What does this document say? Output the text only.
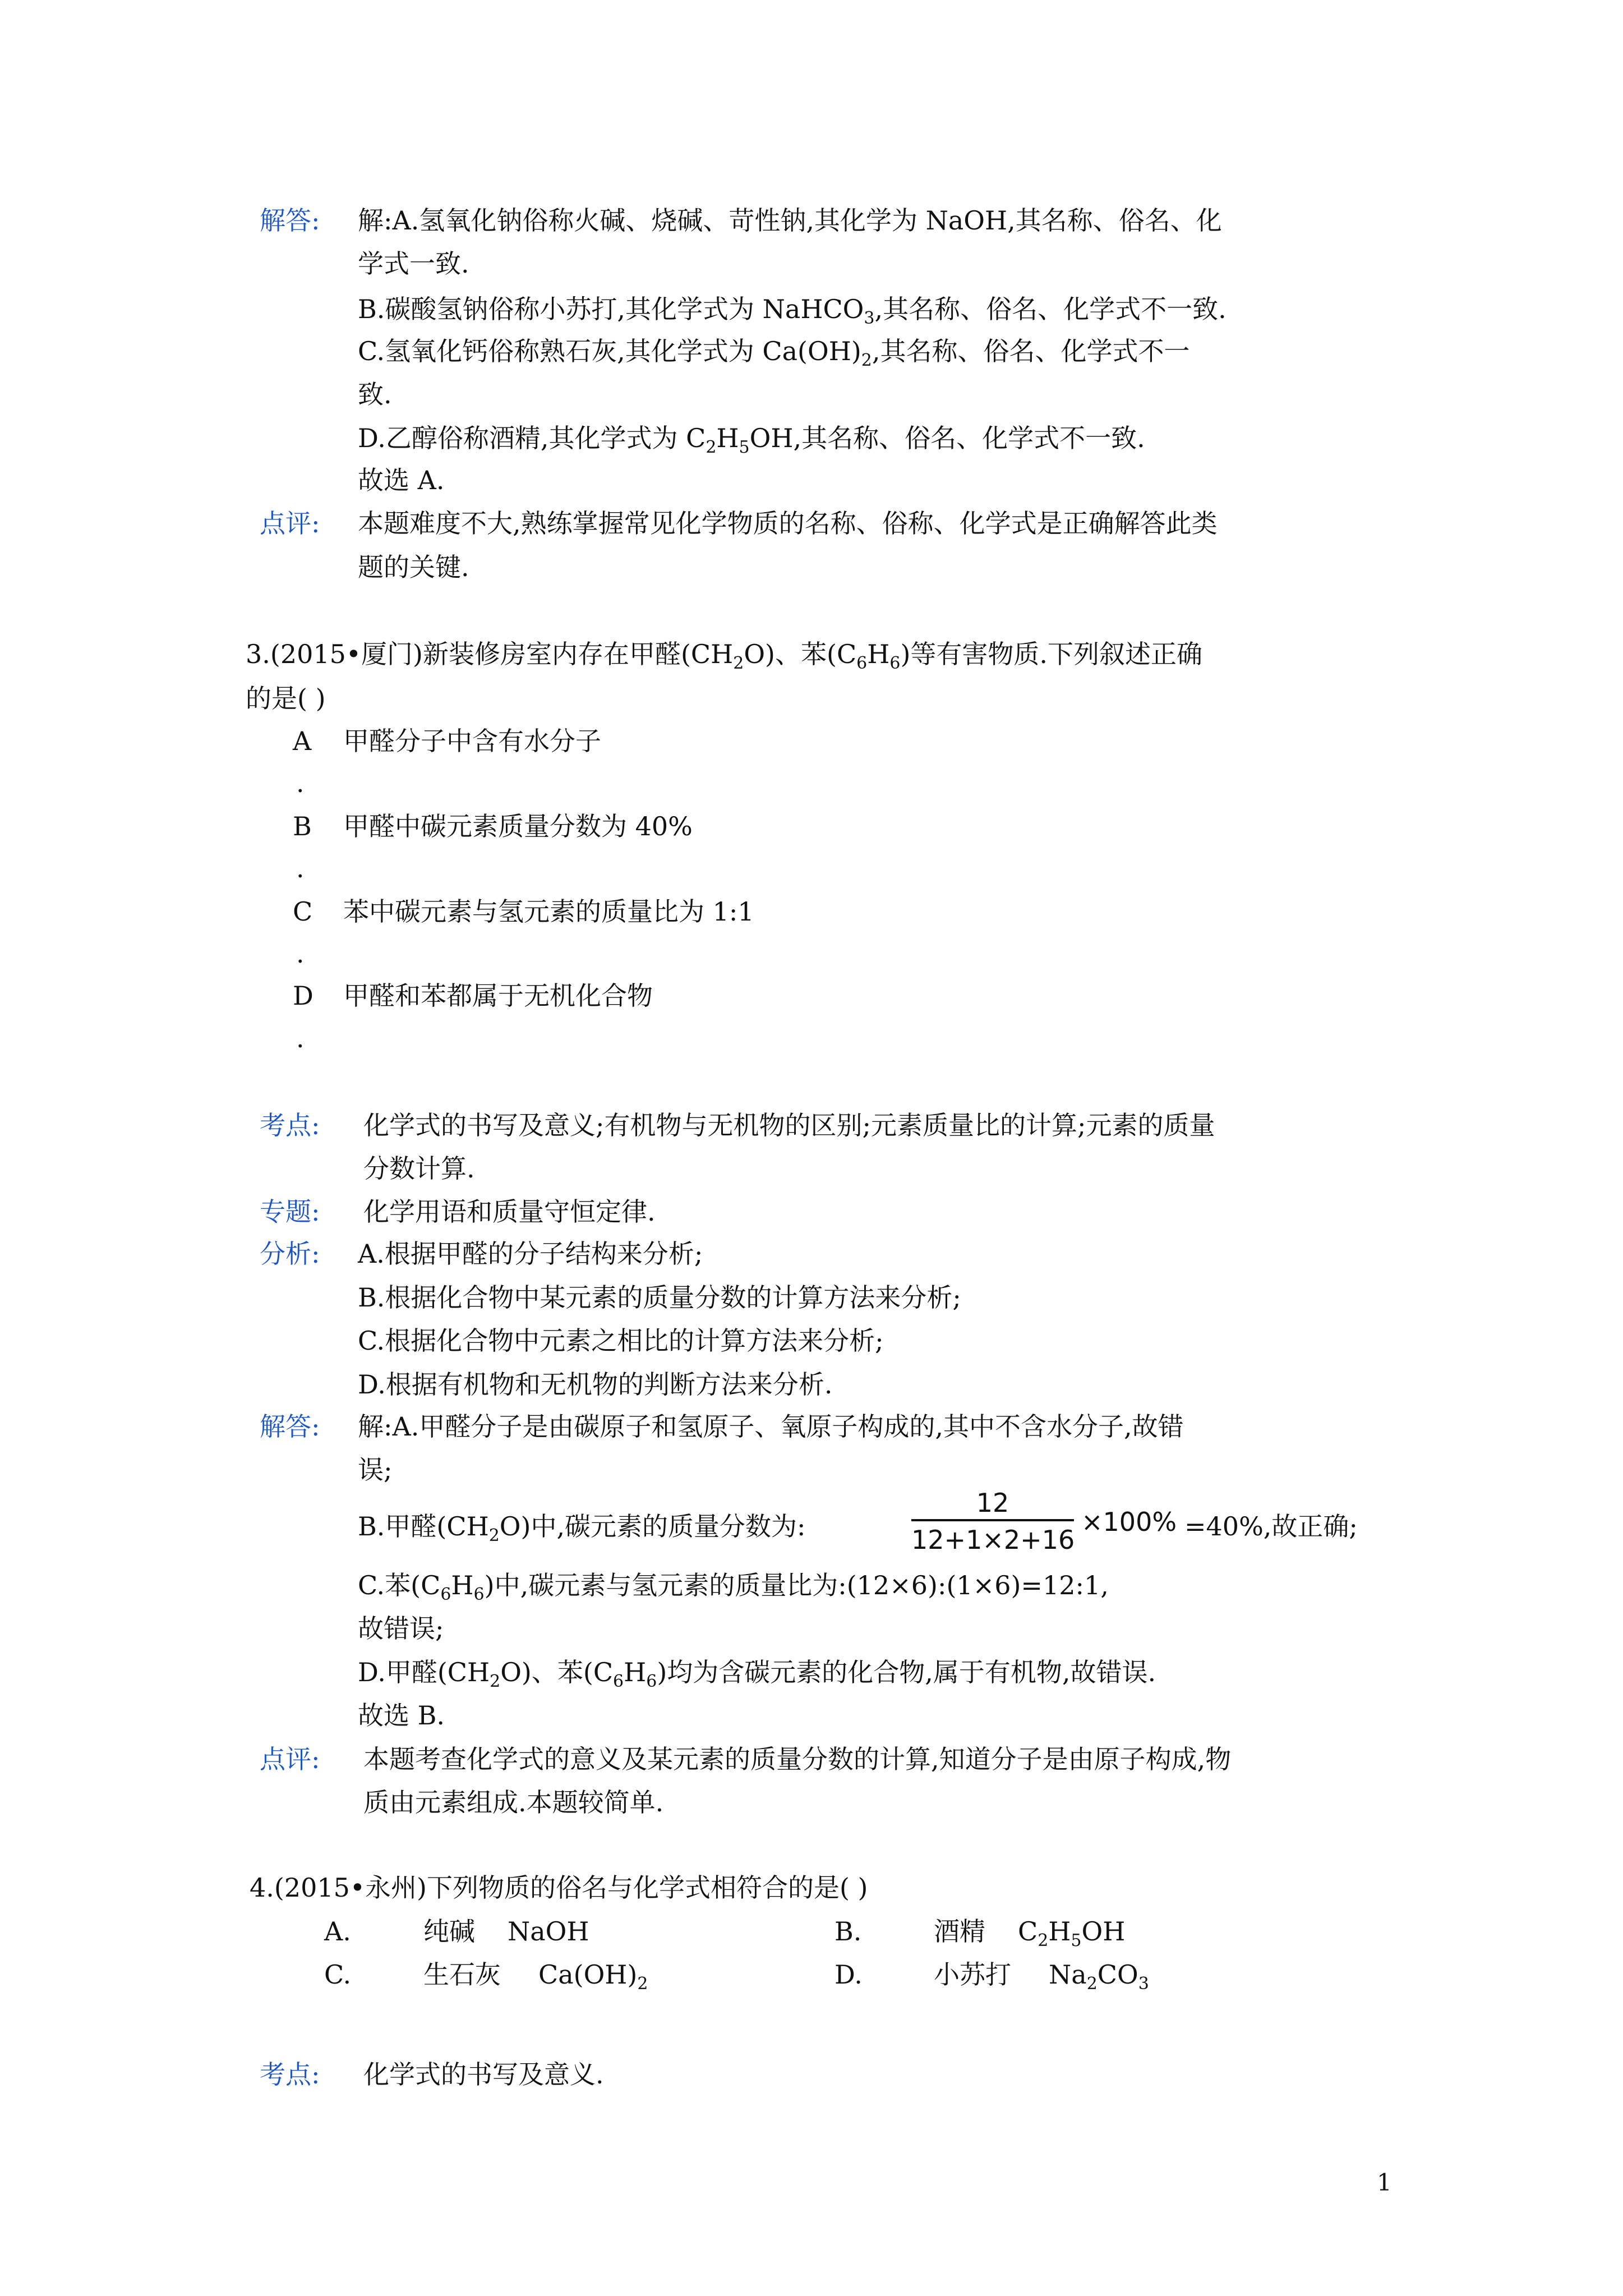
解答: 解:A.氢氧化钠俗称火碱、烧碱、苛性钠,其化学为 NaOH,其名称、俗名、化
学式一致.
B.碳酸氢钠俗称小苏打,其化学式为 NaHCO$_3$,其名称、俗名、化学式不一致.
C.氢氧化钙俗称熟石灰,其化学式为 $Ca(OH)_2$,其名称、俗名、化学式不一
致.
D.乙醇俗称酒精,其化学式为 $C_2H_5OH$,其名称、俗名、化学式不一致.
故选 A.
点评: 本题难度不大,熟练掌握常见化学物质的名称、俗称、化学式是正确解答此类
题的关键.
3.(2015•厦门)新装修房室内存在甲醛$(CH_2O)$、苯$(C_6H_6)$等有害物质.下列叙述正确
的是( )
A 甲醛分子中含有水分子
.
B 甲醛中碳元素质量分数为 40%
.
C 苯中碳元素与氢元素的质量比为 1:1
.
D 甲醛和苯都属于无机化合物
.
考点: 化学式的书写及意义;有机物与无机物的区别;元素质量比的计算;元素的质量
分数计算.
专题: 化学用语和质量守恒定律.
分析: A.根据甲醛的分子结构来分析;
B.根据化合物中某元素的质量分数的计算方法来分析;
C.根据化合物中元素之相比的计算方法来分析;
D.根据有机物和无机物的判断方法来分析.
解答: 解:A.甲醛分子是由碳原子和氢原子、氧原子构成的,其中不含水分子,故错
误;
B.甲醛$(CH_2O)$中,碳元素的质量分数为:
12
12+1×2+16
×100% =40%,故正确;
C.苯$(C_6H_6)$中,碳元素与氢元素的质量比为:(12×6):(1×6)=12:1,
故错误;
D.甲醛$(CH_2O)$、苯$(C_6H_6)$均为含碳元素的化合物,属于有机物,故错误.
故选 B.
点评: 本题考查化学式的意义及某元素的质量分数的计算,知道分子是由原子构成,物
质由元素组成.本题较简单.
4.(2015•永州)下列物质的俗名与化学式相符合的是( )
A.	纯碱 NaOH	B.	酒精 $C_2H_5OH$
C.	生石灰 $Ca(OH)_2$	D.	小苏打 $Na_2CO_3$
考点: 化学式的书写及意义.
1
